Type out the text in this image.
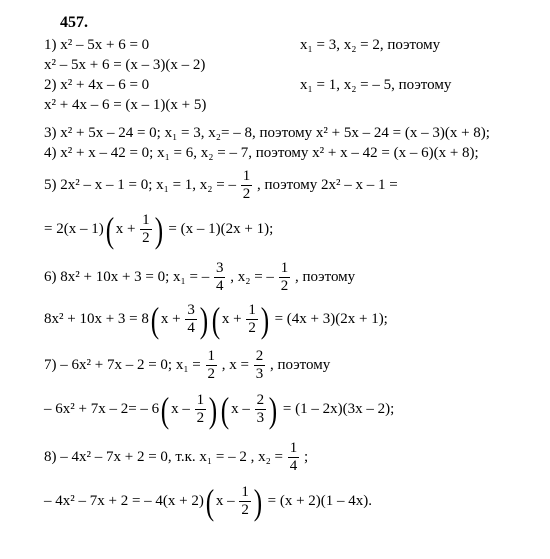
457.
1) x² – 5x + 6 = 0	x₁ = 3, x₂ = 2, поэтому
x² – 5x + 6 = (x – 3)(x – 2)
2) x² + 4x – 6 = 0	x₁ = 1, x₂ = – 5, поэтому
x² + 4x – 6 = (x – 1)(x + 5)
3) x² + 5x – 24 = 0; x₁ = 3, x₂= – 8, поэтому x² + 5x – 24 = (x – 3)(x + 8);
4) x² + x – 42 = 0; x₁ = 6, x₂ = – 7, поэтому x² + x – 42 = (x – 6)(x + 8);
5) 2x² – x – 1 = 0; x₁ = 1, x₂ = – $\frac{1}{2}$ , поэтому 2x² – x – 1 =
= 2(x – 1)( $x + \frac{1}{2}$ ) = (x – 1)(2x + 1);
6) 8x² + 10x + 3 = 0; x₁ = – $\frac{3}{4}$ , x₂ = – $\frac{1}{2}$ , поэтому
8x² + 10x + 3 = 8( $x + \frac{3}{4}$ ) ( $x + \frac{1}{2}$ ) = (4x + 3)(2x + 1);
7) – 6x² + 7x – 2 = 0; $x_1 = \frac{1}{2}$ , $x = \frac{2}{3}$ , поэтому
– 6x² + 7x – 2= – 6( x – $\frac{1}{2}$ ) ( x – $\frac{2}{3}$ ) = (1 – 2x)(3x – 2);
8) – 4x² – 7x + 2 = 0, т.к. x₁ = – 2 , $x_2 = \frac{1}{4}$ ;
– 4x² – 7x + 2 = – 4(x + 2)( x – $\frac{1}{2}$ ) = (x + 2)(1 – 4x).
